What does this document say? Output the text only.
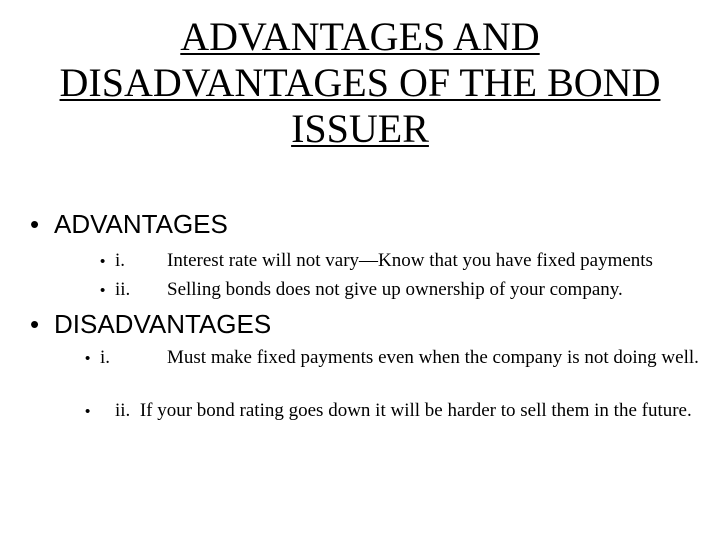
ADVANTAGES AND
DISADVANTAGES OF THE BOND
ISSUER
• ADVANTAGES
• i. Interest rate will not vary—Know that you have fixed payments
• ii. Selling bonds does not give up ownership of your company.
• DISADVANTAGES
• i.	Must make fixed payments even when the company is not doing well.
• ii. If your bond rating goes down it will be harder to sell them in the future.
